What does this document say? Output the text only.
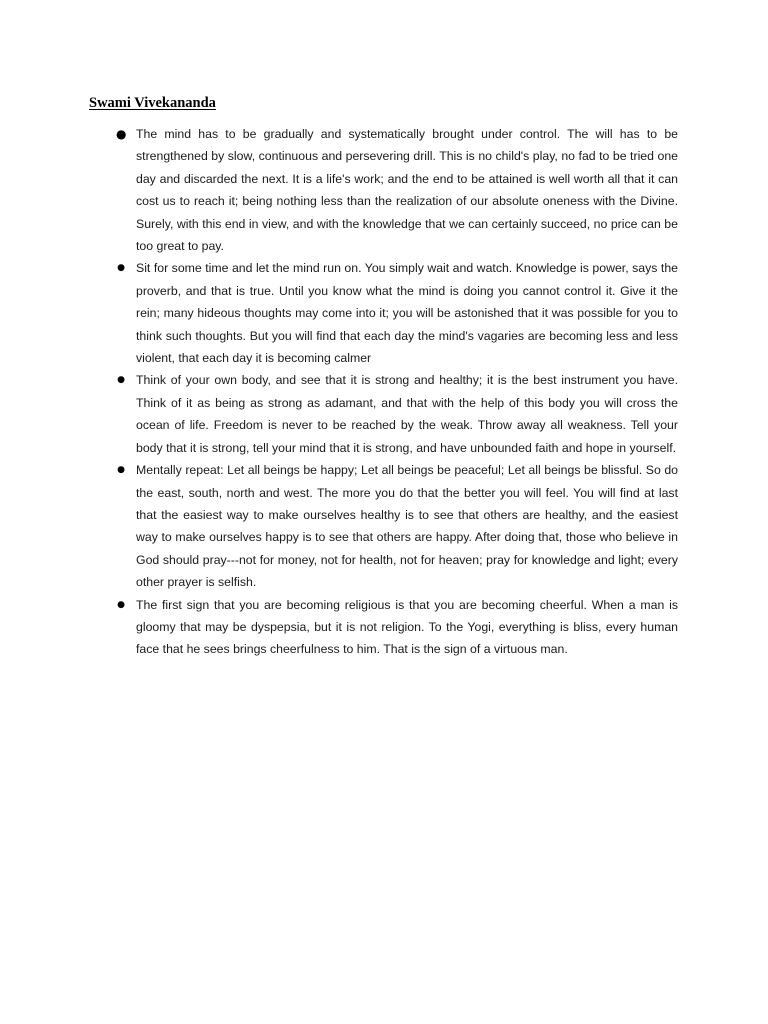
Swami Vivekananda
● The mind has to be gradually and systematically brought under control. The will has to be strengthened by slow, continuous and persevering drill. This is no child's play, no fad to be tried one day and discarded the next. It is a life's work; and the end to be attained is well worth all that it can cost us to reach it; being nothing less than the realization of our absolute oneness with the Divine. Surely, with this end in view, and with the knowledge that we can certainly succeed, no price can be too great to pay.
● Sit for some time and let the mind run on. You simply wait and watch. Knowledge is power, says the proverb, and that is true. Until you know what the mind is doing you cannot control it. Give it the rein; many hideous thoughts may come into it; you will be astonished that it was possible for you to think such thoughts. But you will find that each day the mind's vagaries are becoming less and less violent, that each day it is becoming calmer
● Think of your own body, and see that it is strong and healthy; it is the best instrument you have. Think of it as being as strong as adamant, and that with the help of this body you will cross the ocean of life. Freedom is never to be reached by the weak. Throw away all weakness. Tell your body that it is strong, tell your mind that it is strong, and have unbounded faith and hope in yourself.
● Mentally repeat: Let all beings be happy; Let all beings be peaceful; Let all beings be blissful. So do the east, south, north and west. The more you do that the better you will feel. You will find at last that the easiest way to make ourselves healthy is to see that others are healthy, and the easiest way to make ourselves happy is to see that others are happy. After doing that, those who believe in God should pray---not for money, not for health, not for heaven; pray for knowledge and light; every other prayer is selfish.
● The first sign that you are becoming religious is that you are becoming cheerful. When a man is gloomy that may be dyspepsia, but it is not religion. To the Yogi, everything is bliss, every human face that he sees brings cheerfulness to him. That is the sign of a virtuous man.
